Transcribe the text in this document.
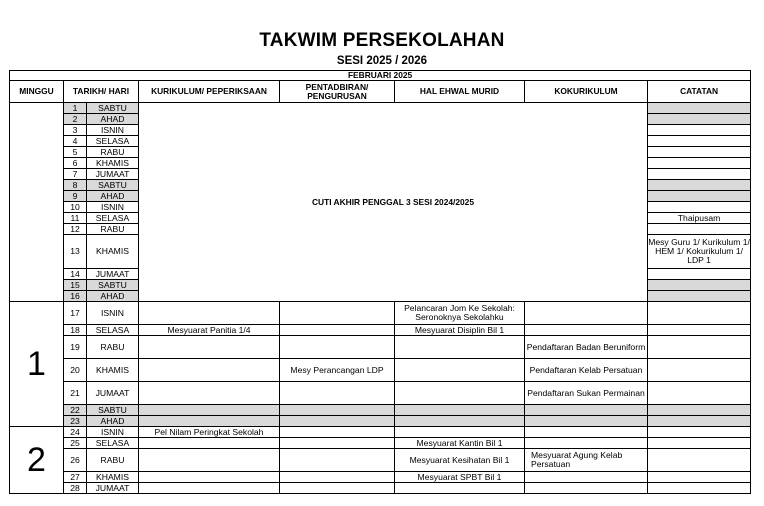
TAKWIM PERSEKOLAHAN
SESI 2025 / 2026
FEBRUARI 2025							
MINGGU	TARIKH/ HARI		KURIKULUM/ PEPERIKSAAN	PENTADBIRAN/ PENGURUSAN	HAL EHWAL MURID	KOKURIKULUM	CATATAN
	1	SABTU	CUTI AKHIR PENGGAL 3 SESI 2024/2025				
	2	AHAD					
	3	ISNIN					
	4	SELASA					
	5	RABU					
	6	KHAMIS					
	7	JUMAAT					
	8	SABTU					
	9	AHAD					
	10	ISNIN					
	11	SELASA					Thaipusam
	12	RABU					
	13	KHAMIS					Mesy Guru 1/ Kurikulum 1/ HEM 1/ Kokurikulum 1/ LDP 1
	14	JUMAAT					
	15	SABTU					
	16	AHAD					
1	17	ISNIN			Pelancaran Jom Ke Sekolah: Seronoknya Sekolahku		
	18	SELASA	Mesyuarat Panitia 1/4		Mesyuarat Disiplin Bil 1		
	19	RABU				Pendaftaran Badan Beruniform	
	20	KHAMIS		Mesy Perancangan LDP		Pendaftaran Kelab Persatuan	
	21	JUMAAT				Pendaftaran Sukan Permainan	
	22	SABTU					
	23	AHAD					
2	24	ISNIN	Pel Nilam Peringkat Sekolah				
	25	SELASA			Mesyuarat Kantin Bil 1		
	26	RABU			Mesyuarat Kesihatan Bil 1	Mesyuarat Agung Kelab Persatuan	
	27	KHAMIS			Mesyuarat SPBT Bil 1		
	28	JUMAAT					
